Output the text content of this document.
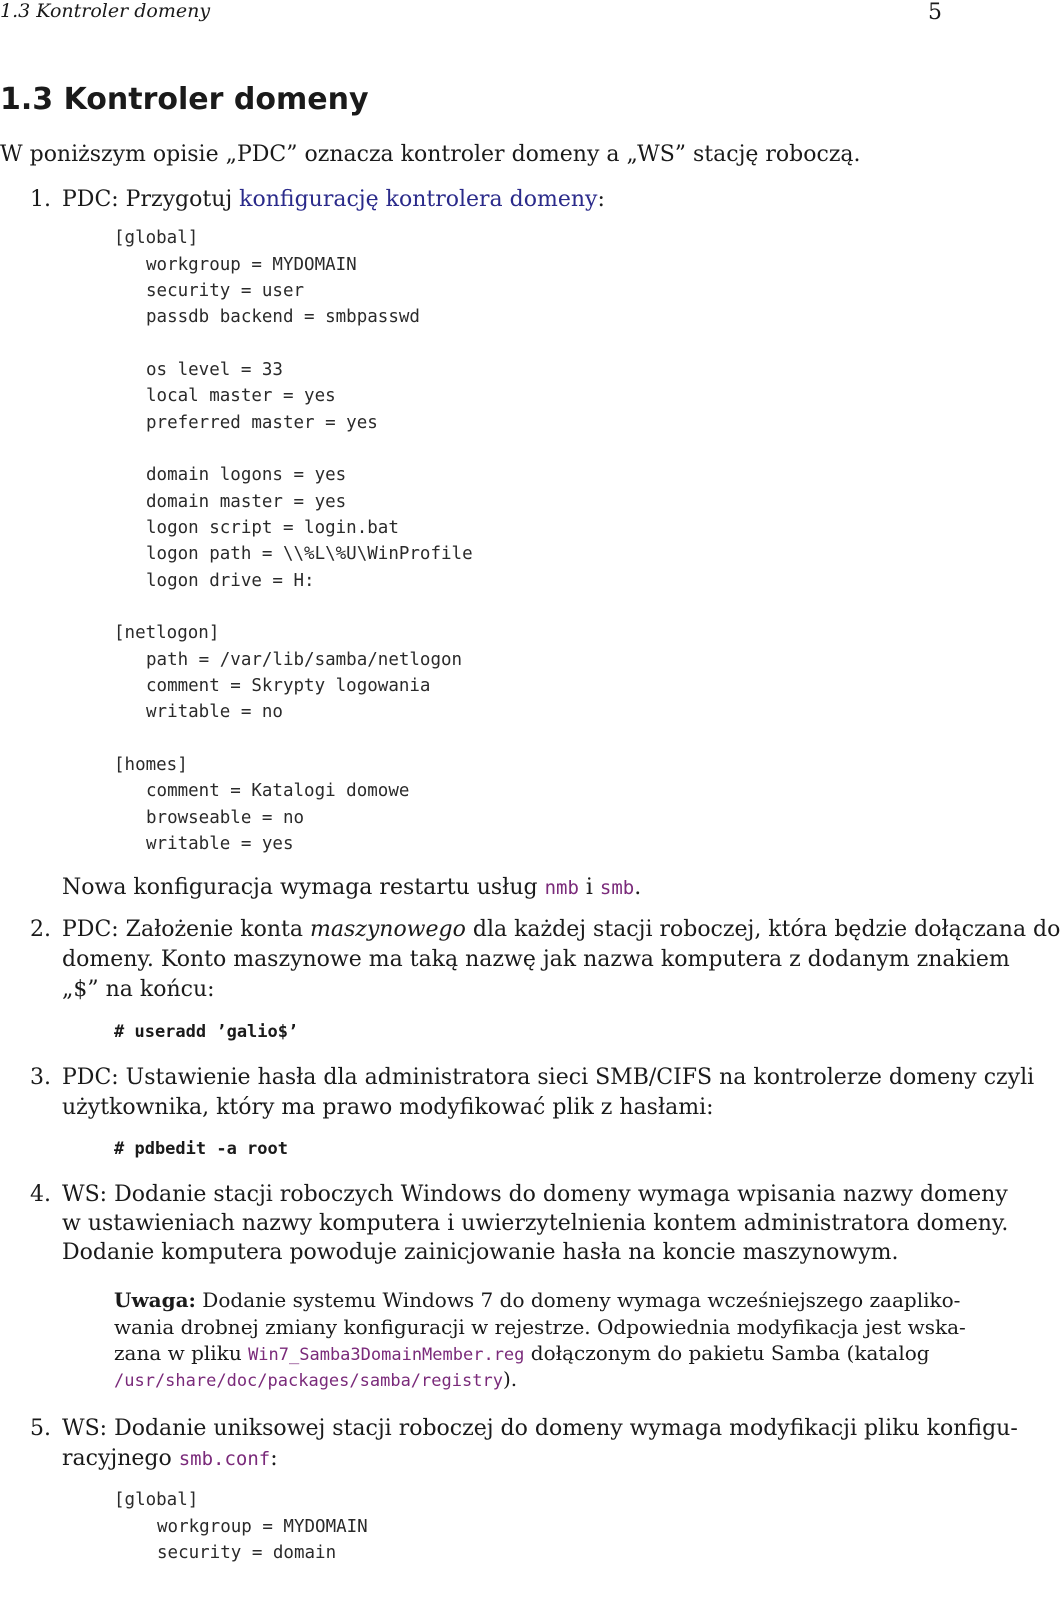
1.3 Kontroler domeny	5
1.3 Kontroler domeny
W poniższym opisie „PDC” oznacza kontroler domeny a „WS” stację roboczą.
1. PDC: Przygotuj konfigurację kontrolera domeny:
[global]
workgroup = MYDOMAIN
security = user
passdb backend = smbpasswd
os level = 33
local master = yes
preferred master = yes
domain logons = yes
domain master = yes
logon script = login.bat
logon path = \\%L\%U\WinProfile
logon drive = H:
[netlogon]
path = /var/lib/samba/netlogon
comment = Skrypty logowania
writable = no
[homes]
comment = Katalogi domowe
browseable = no
writable = yes
Nowa konfiguracja wymaga restartu usług nmb i smb.
2. PDC: Założenie konta maszynowego dla każdej stacji roboczej, która będzie dołączana do
domeny. Konto maszynowe ma taką nazwę jak nazwa komputera z dodanym znakiem
„$” na końcu:
# useradd ’galio$’
3. PDC: Ustawienie hasła dla administratora sieci SMB/CIFS na kontrolerze domeny czyli
użytkownika, który ma prawo modyfikować plik z hasłami:
# pdbedit -a root
4. WS: Dodanie stacji roboczych Windows do domeny wymaga wpisania nazwy domeny
w ustawieniach nazwy komputera i uwierzytelnienia kontem administratora domeny.
Dodanie komputera powoduje zainicjowanie hasła na koncie maszynowym.
Uwaga: Dodanie systemu Windows 7 do domeny wymaga wcześniejszego zaapliko-
wania drobnej zmiany konfiguracji w rejestrze. Odpowiednia modyfikacja jest wska-
zana w pliku Win7_Samba3DomainMember.reg dołączonym do pakietu Samba (katalog
/usr/share/doc/packages/samba/registry).
5. WS: Dodanie uniksowej stacji roboczej do domeny wymaga modyfikacji pliku konfigu-
racyjnego smb.conf:
[global]
workgroup = MYDOMAIN
security = domain
